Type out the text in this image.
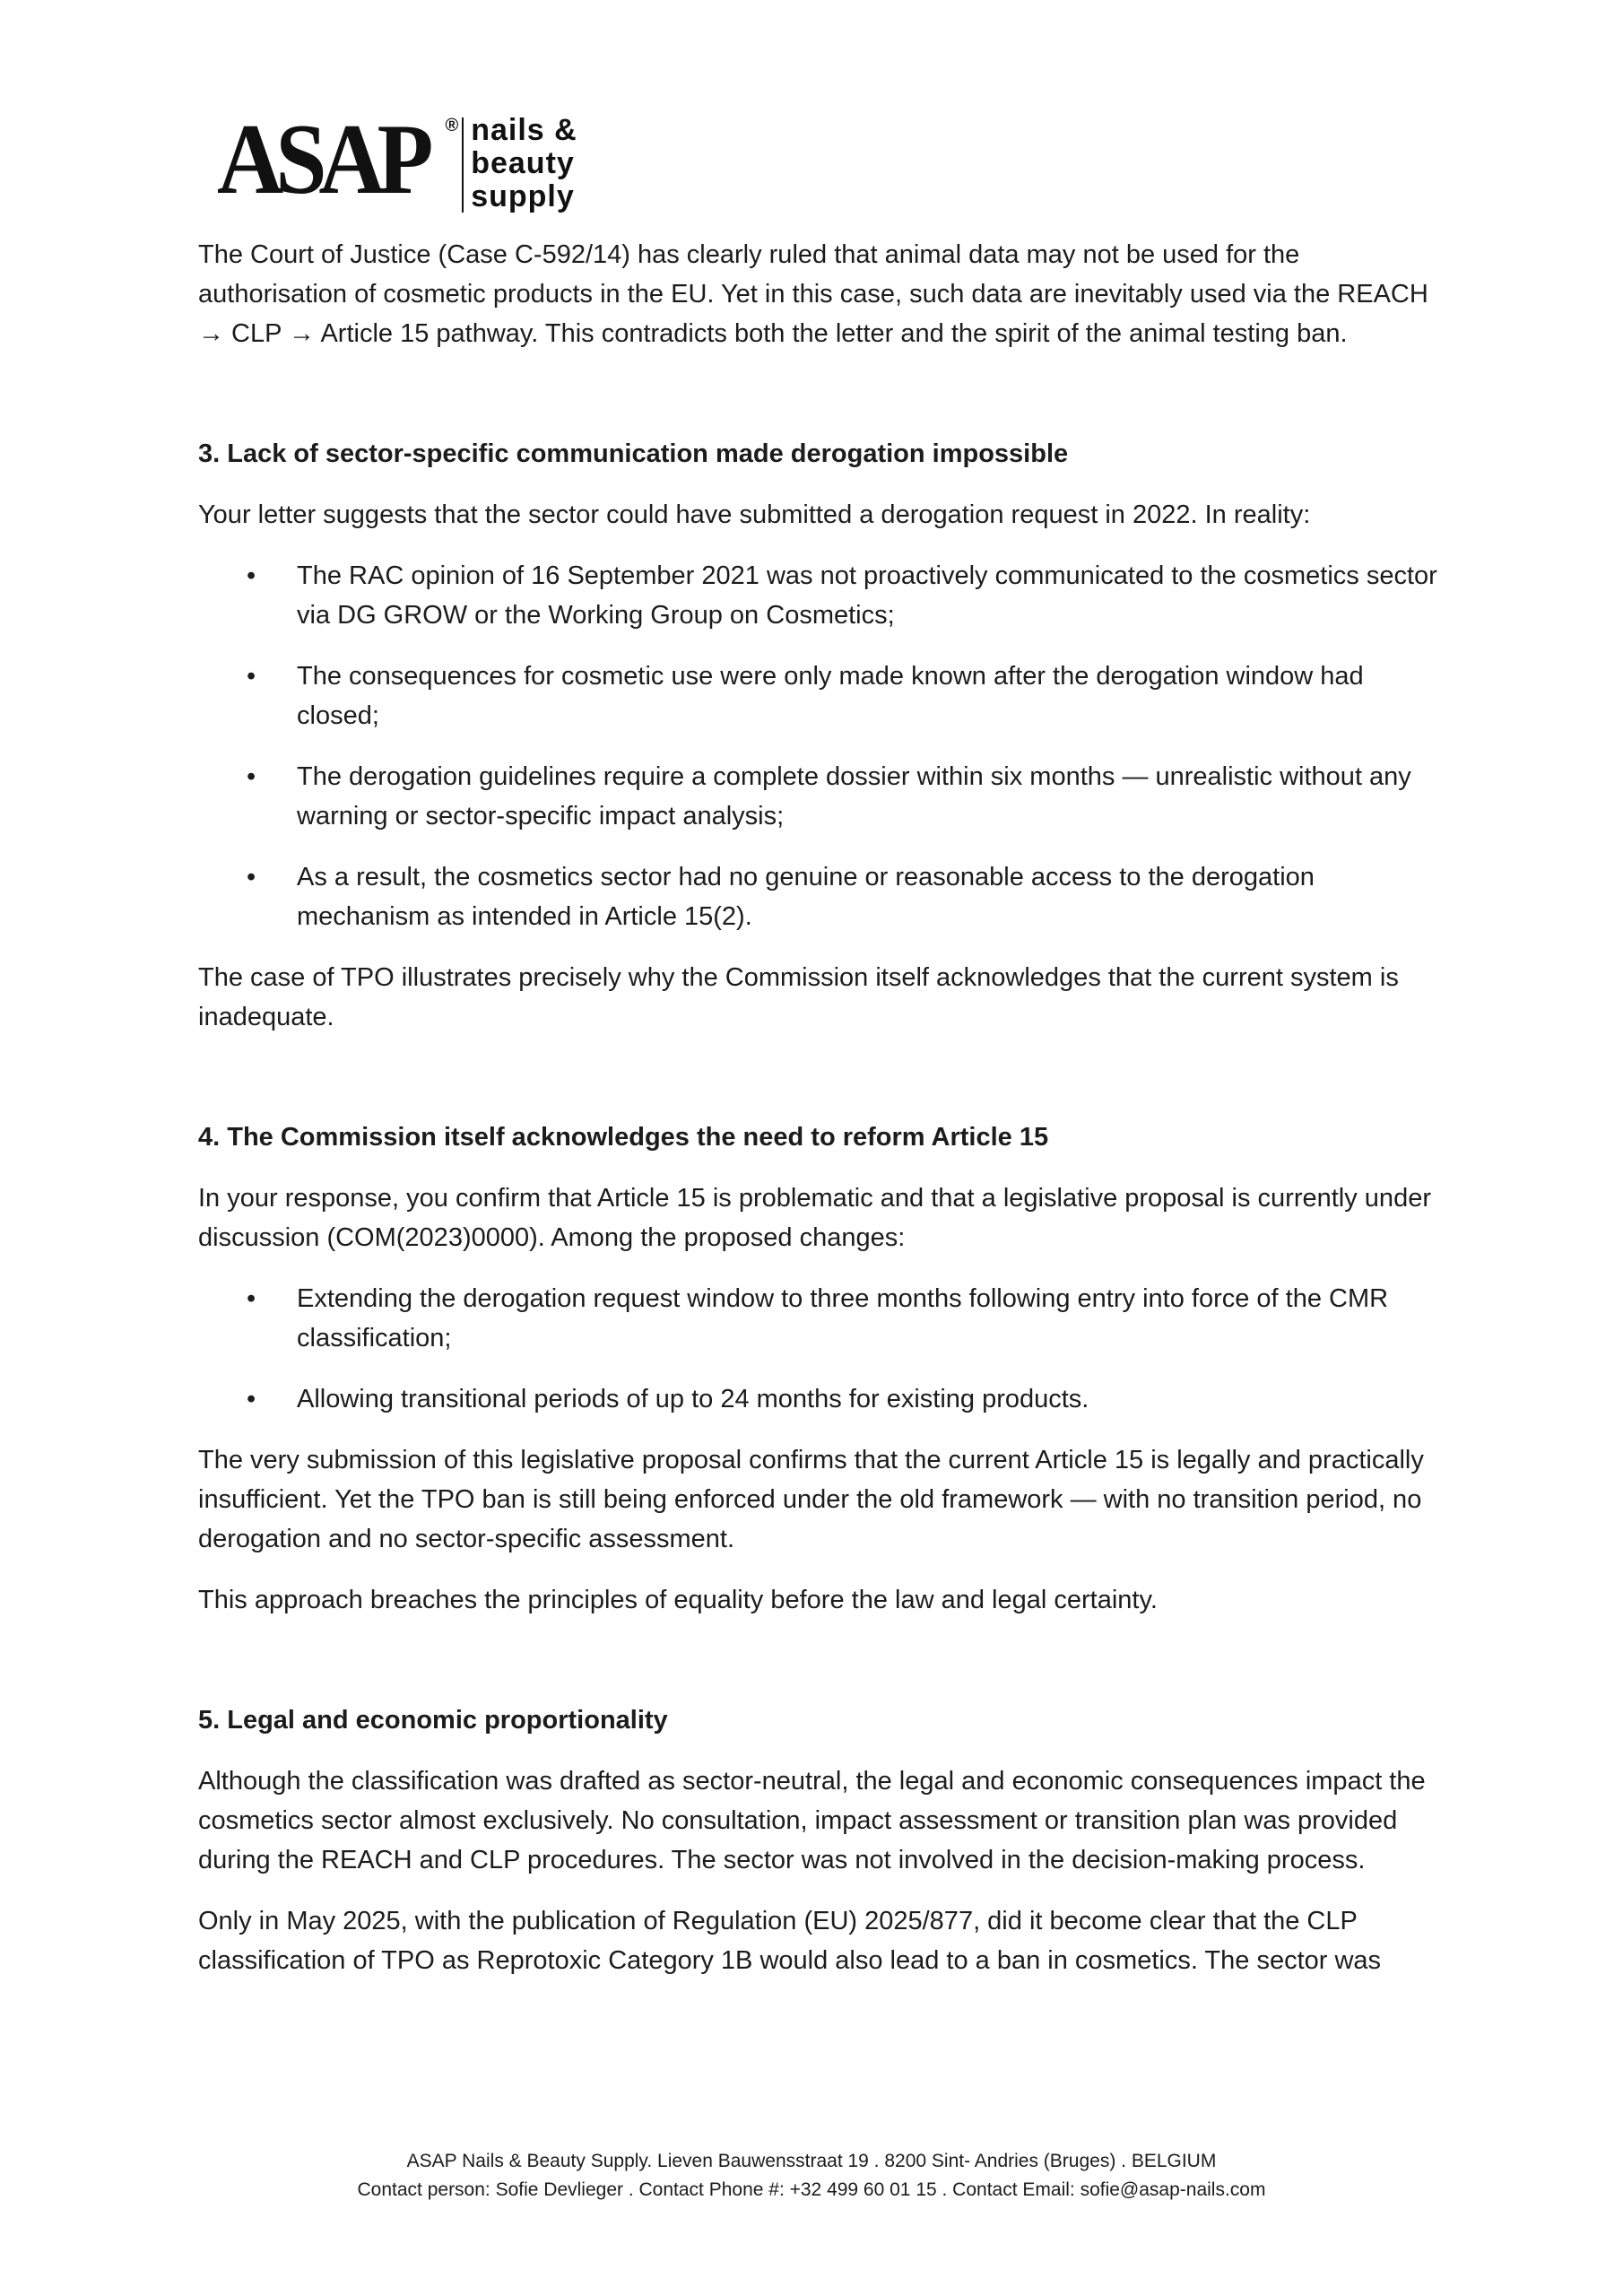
ASAP ® nails &
beauty
supply

The Court of Justice (Case C-592/14) has clearly ruled that animal data may not be used for the authorisation of cosmetic products in the EU. Yet in this case, such data are inevitably used via the REACH → CLP → Article 15 pathway. This contradicts both the letter and the spirit of the animal testing ban.

3. Lack of sector-specific communication made derogation impossible

Your letter suggests that the sector could have submitted a derogation request in 2022. In reality:

• The RAC opinion of 16 September 2021 was not proactively communicated to the cosmetics sector via DG GROW or the Working Group on Cosmetics;
• The consequences for cosmetic use were only made known after the derogation window had closed;
• The derogation guidelines require a complete dossier within six months — unrealistic without any warning or sector-specific impact analysis;
• As a result, the cosmetics sector had no genuine or reasonable access to the derogation mechanism as intended in Article 15(2).

The case of TPO illustrates precisely why the Commission itself acknowledges that the current system is inadequate.

4. The Commission itself acknowledges the need to reform Article 15

In your response, you confirm that Article 15 is problematic and that a legislative proposal is currently under discussion (COM(2023)0000). Among the proposed changes:

• Extending the derogation request window to three months following entry into force of the CMR classification;
• Allowing transitional periods of up to 24 months for existing products.

The very submission of this legislative proposal confirms that the current Article 15 is legally and practically insufficient. Yet the TPO ban is still being enforced under the old framework — with no transition period, no derogation and no sector-specific assessment.

This approach breaches the principles of equality before the law and legal certainty.

5. Legal and economic proportionality

Although the classification was drafted as sector-neutral, the legal and economic consequences impact the cosmetics sector almost exclusively. No consultation, impact assessment or transition plan was provided during the REACH and CLP procedures. The sector was not involved in the decision-making process.

Only in May 2025, with the publication of Regulation (EU) 2025/877, did it become clear that the CLP classification of TPO as Reprotoxic Category 1B would also lead to a ban in cosmetics. The sector was

ASAP Nails & Beauty Supply. Lieven Bauwensstraat 19 . 8200 Sint- Andries (Bruges) . BELGIUM
Contact person: Sofie Devlieger . Contact Phone #: +32 499 60 01 15 . Contact Email: sofie@asap-nails.com
